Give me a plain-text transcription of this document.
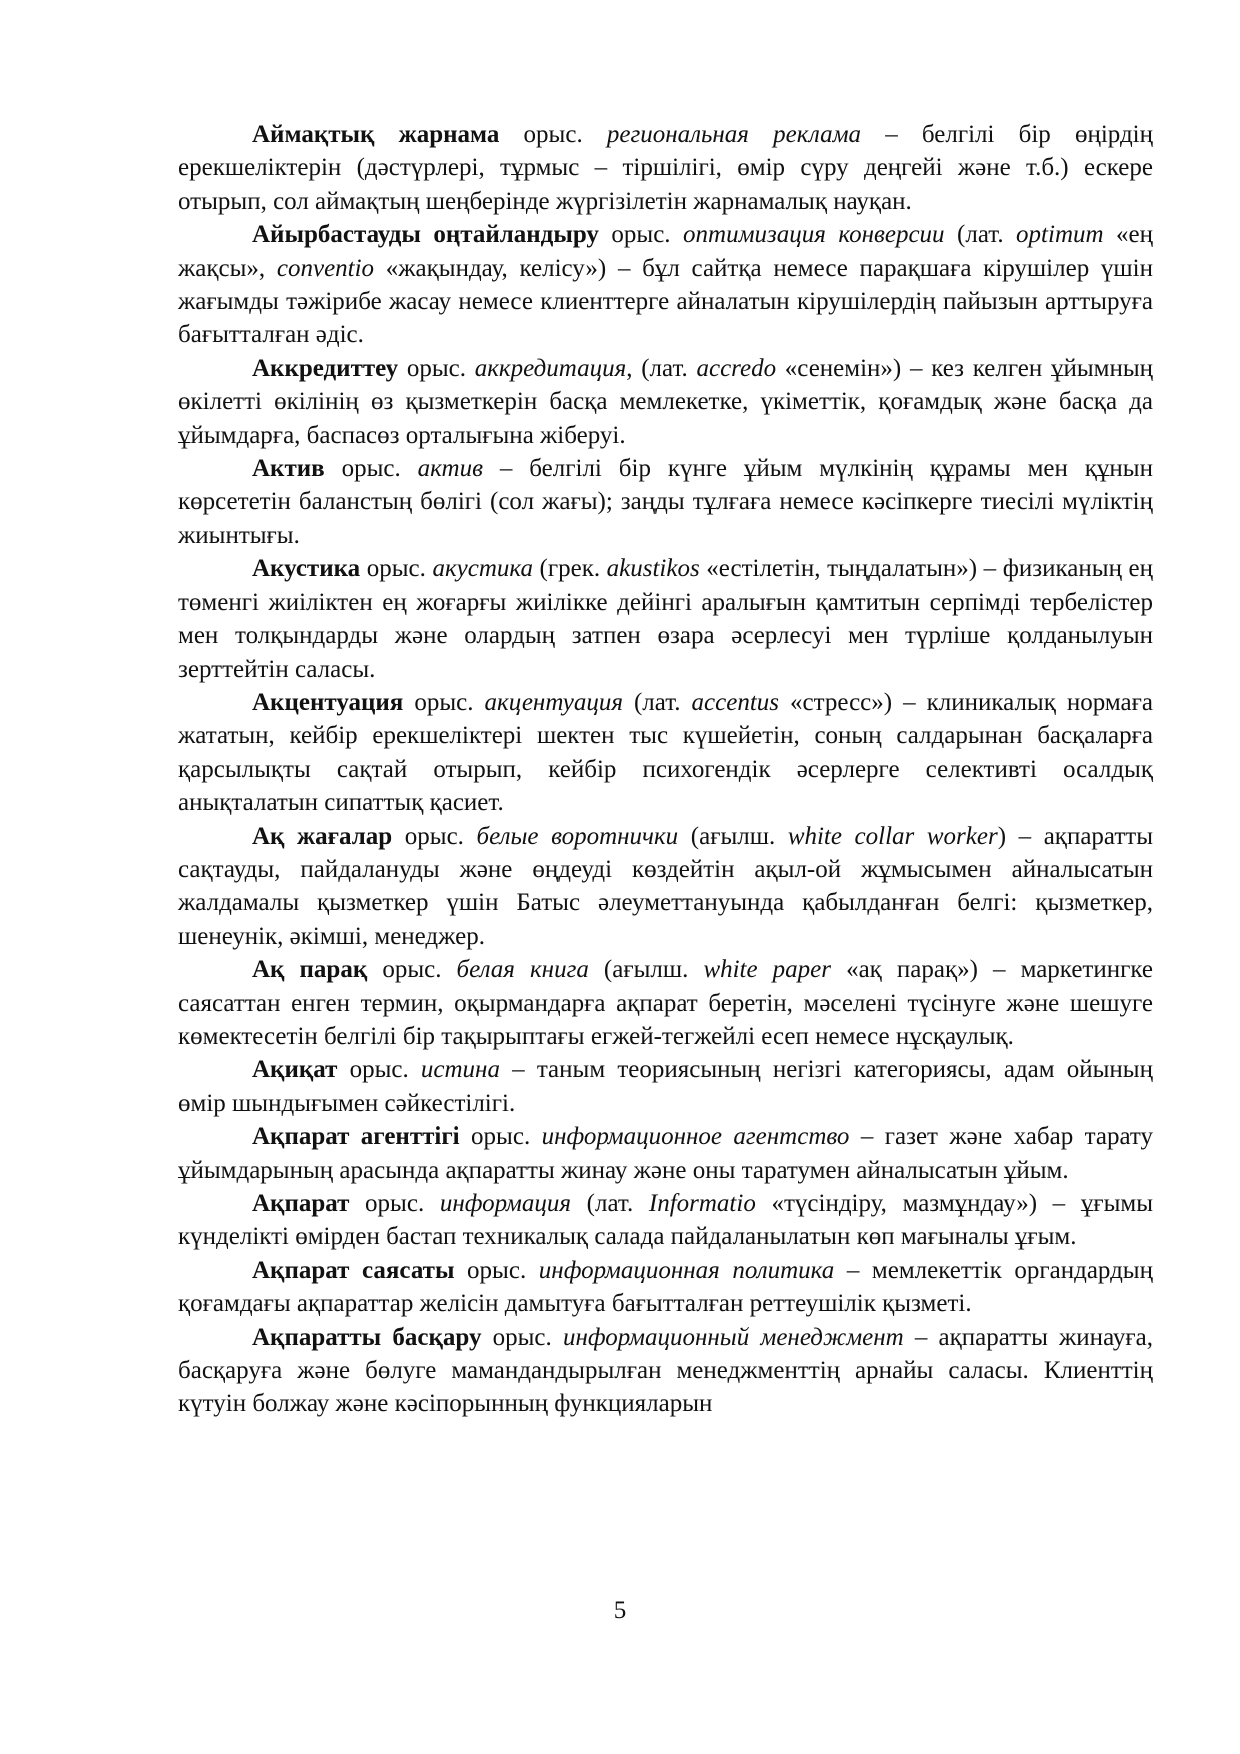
Аймақтық жарнама орыс. региональная реклама – белгілі бір өңірдің ерекшеліктерін (дәстүрлері, тұрмыс – тіршілігі, өмір сүру деңгейі және т.б.) ескере отырып, сол аймақтың шеңберінде жүргізілетін жарнамалық науқан.

Айырбастауды оңтайландыру орыс. оптимизация конверсии (лат. optimum «ең жақсы», conventio «жақындау, келісу») – бұл сайтқа немесе парақшаға кірушілер үшін жағымды тәжірибе жасау немесе клиенттерге айналатын кірушілердің пайызын арттыруға бағытталған әдіс.

Аккредиттеу орыс. аккредитация, (лат. accredo «сенемін») – кез келген ұйымның өкілетті өкілінің өз қызметкерін басқа мемлекетке, үкіметтік, қоғамдық және басқа да ұйымдарға, баспасөз орталығына жіберуі.

Актив орыс. актив – белгілі бір күнге ұйым мүлкінің құрамы мен құнын көрсететін баланстың бөлігі (сол жағы); заңды тұлғаға немесе кәсіпкерге тиесілі мүліктің жиынтығы.

Акустика орыс. акустика (грек. akustikos «естілетін, тыңдалатын») – физиканың ең төменгі жиіліктен ең жоғарғы жиілікке дейінгі аралығын қамтитын серпімді тербелістер мен толқындарды және олардың затпен өзара әсерлесуі мен түрліше қолданылуын зерттейтін саласы.

Акцентуация орыс. акцентуация (лат. accentus «стресс») – клиникалық нормаға жататын, кейбір ерекшеліктері шектен тыс күшейетін, соның салдарынан басқаларға қарсылықты сақтай отырып, кейбір психогендік әсерлерге селективті осалдық анықталатын сипаттық қасиет.

Ақ жағалар орыс. белые воротнички (ағылш. white collar worker) – ақпаратты сақтауды, пайдалануды және өңдеуді көздейтін ақыл-ой жұмысымен айналысатын жалдамалы қызметкер үшін Батыс әлеуметтануында қабылданған белгі: қызметкер, шенеунік, әкімші, менеджер.

Ақ парақ орыс. белая книга (ағылш. white paper «ақ парақ») – маркетингке саясаттан енген термин, оқырмандарға ақпарат беретін, мәселені түсінуге және шешуге көмектесетін белгілі бір тақырыптағы егжей-тегжейлі есеп немесе нұсқаулық.

Ақиқат орыс. истина – таным теориясының негізгі категориясы, адам ойының өмір шындығымен сәйкестілігі.

Ақпарат агенттігі орыс. информационное агентство – газет және хабар тарату ұйымдарының арасында ақпаратты жинау және оны таратумен айналысатын ұйым.

Ақпарат орыс. информация (лат. Informatio «түсіндіру, мазмұндау») – ұғымы күнделікті өмірден бастап техникалық салада пайдаланылатын көп мағыналы ұғым.

Ақпарат саясаты орыс. информационная политика – мемлекеттік органдардың қоғамдағы ақпараттар желісін дамытуға бағытталған реттеушілік қызметі.

Ақпаратты басқару орыс. информационный менеджмент – ақпаратты жинауға, басқаруға және бөлуге мамандандырылған менеджменттің арнайы саласы. Клиенттің күтуін болжау және кәсіпорынның функцияларын

5
